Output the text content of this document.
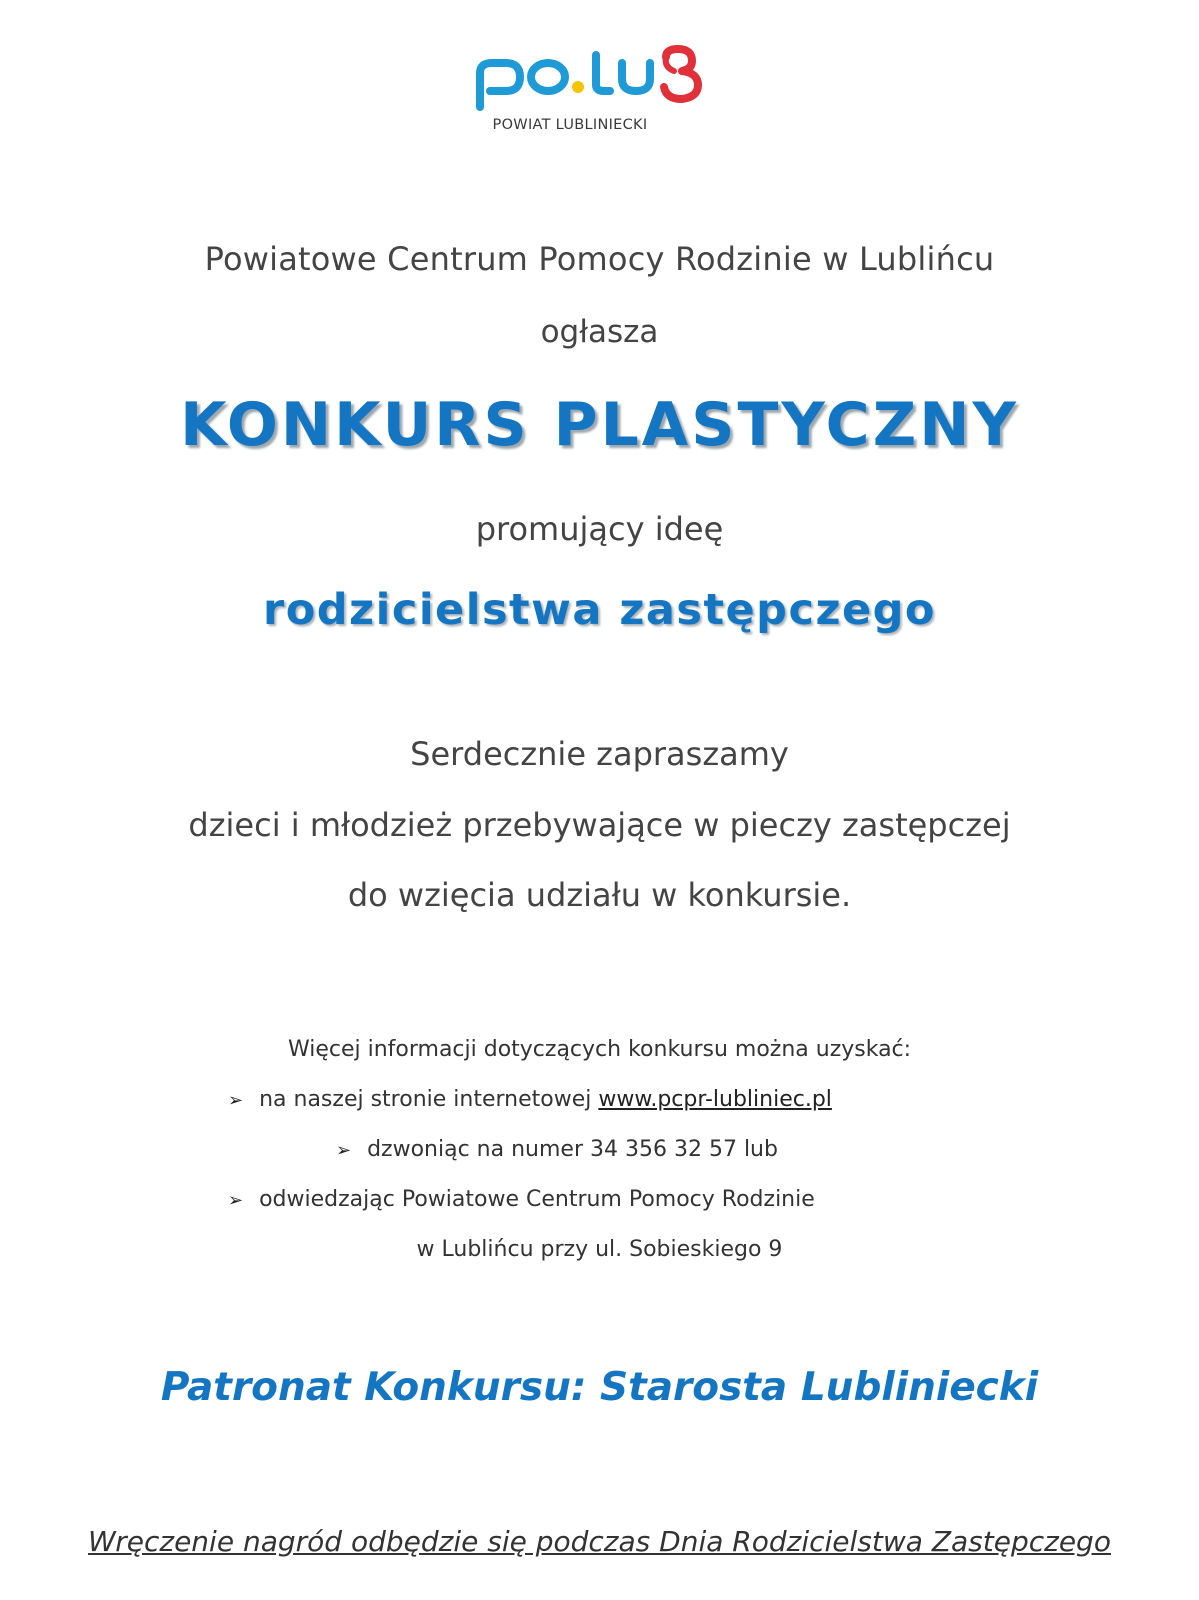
POWIAT LUBLINIECKI
Powiatowe Centrum Pomocy Rodzinie w Lublińcu
ogłasza
KONKURS PLASTYCZNY
promujący ideę
rodzicielstwa zastępczego
Serdecznie zapraszamy
dzieci i młodzież przebywające w pieczy zastępczej
do wzięcia udziału w konkursie.
Więcej informacji dotyczących konkursu można uzyskać:
➢ na naszej stronie internetowej www.pcpr-lubliniec.pl
➢ dzwoniąc na numer 34 356 32 57 lub
➢ odwiedzając Powiatowe Centrum Pomocy Rodzinie
w Lublińcu przy ul. Sobieskiego 9
Patronat Konkursu: Starosta Lubliniecki
Wręczenie nagród odbędzie się podczas Dnia Rodzicielstwa Zastępczego
